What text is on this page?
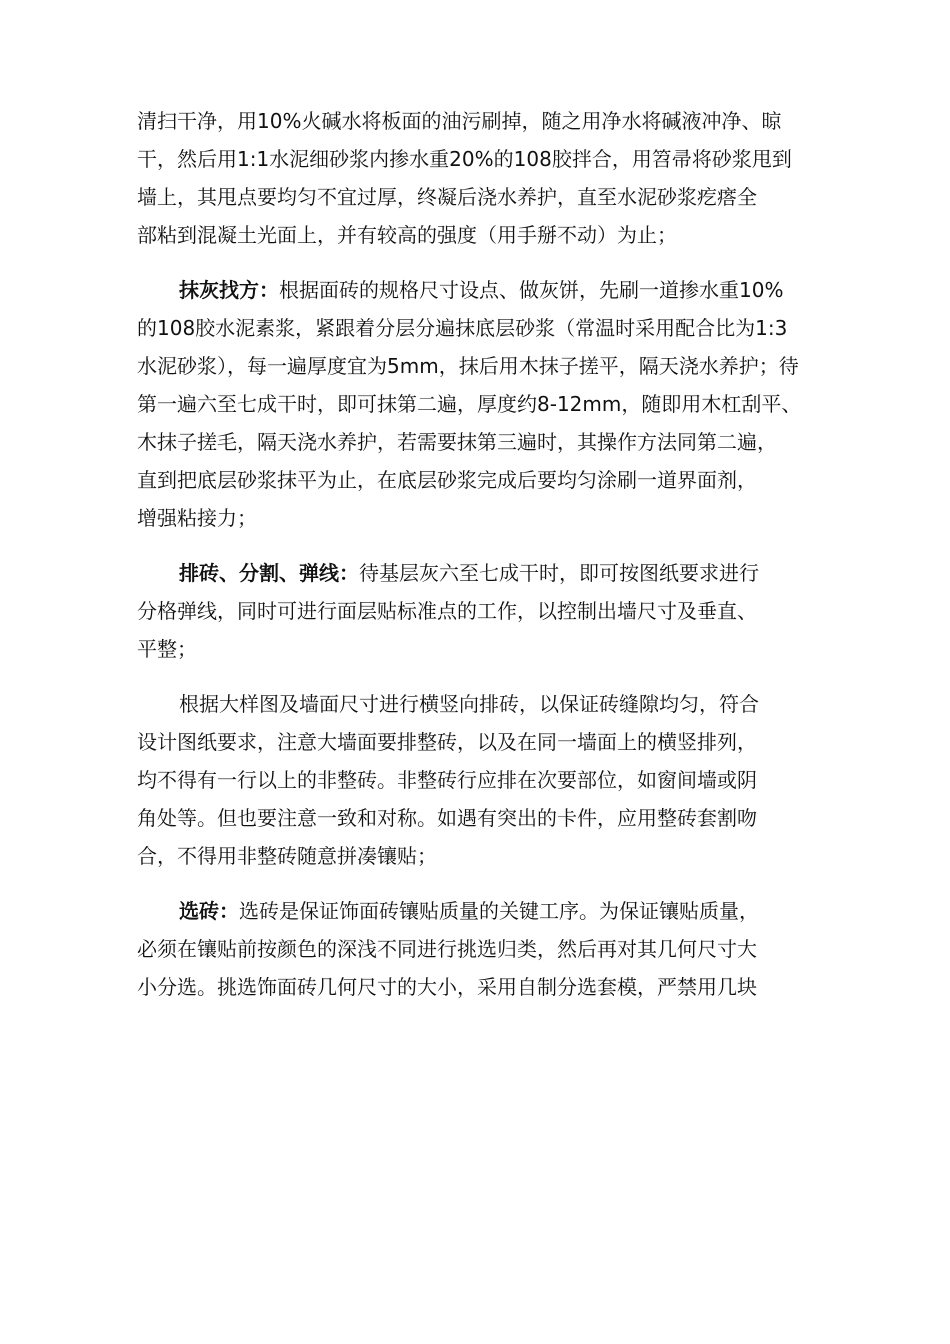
清扫干净，用10%火碱水将板面的油污刷掉，随之用净水将碱液冲净、晾
干，然后用1:1水泥细砂浆内掺水重20%的108胶拌合，用笤帚将砂浆甩到
墙上，其甩点要均匀不宜过厚，终凝后浇水养护，直至水泥砂浆疙瘩全
部粘到混凝土光面上，并有较高的强度（用手掰不动）为止；
抹灰找方：根据面砖的规格尺寸设点、做灰饼，先刷一道掺水重10%
的108胶水泥素浆，紧跟着分层分遍抹底层砂浆（常温时采用配合比为1:3
水泥砂浆），每一遍厚度宜为5mm，抹后用木抹子搓平，隔天浇水养护；待
第一遍六至七成干时，即可抹第二遍，厚度约8-12mm，随即用木杠刮平、
木抹子搓毛，隔天浇水养护，若需要抹第三遍时，其操作方法同第二遍，
直到把底层砂浆抹平为止，在底层砂浆完成后要均匀涂刷一道界面剂，
增强粘接力；
排砖、分割、弹线：待基层灰六至七成干时，即可按图纸要求进行
分格弹线，同时可进行面层贴标准点的工作，以控制出墙尺寸及垂直、
平整；
根据大样图及墙面尺寸进行横竖向排砖，以保证砖缝隙均匀，符合
设计图纸要求，注意大墙面要排整砖，以及在同一墙面上的横竖排列，
均不得有一行以上的非整砖。非整砖行应排在次要部位，如窗间墙或阴
角处等。但也要注意一致和对称。如遇有突出的卡件，应用整砖套割吻
合，不得用非整砖随意拼凑镶贴；
选砖：选砖是保证饰面砖镶贴质量的关键工序。为保证镶贴质量，
必须在镶贴前按颜色的深浅不同进行挑选归类，然后再对其几何尺寸大
小分选。挑选饰面砖几何尺寸的大小，采用自制分选套模，严禁用几块
